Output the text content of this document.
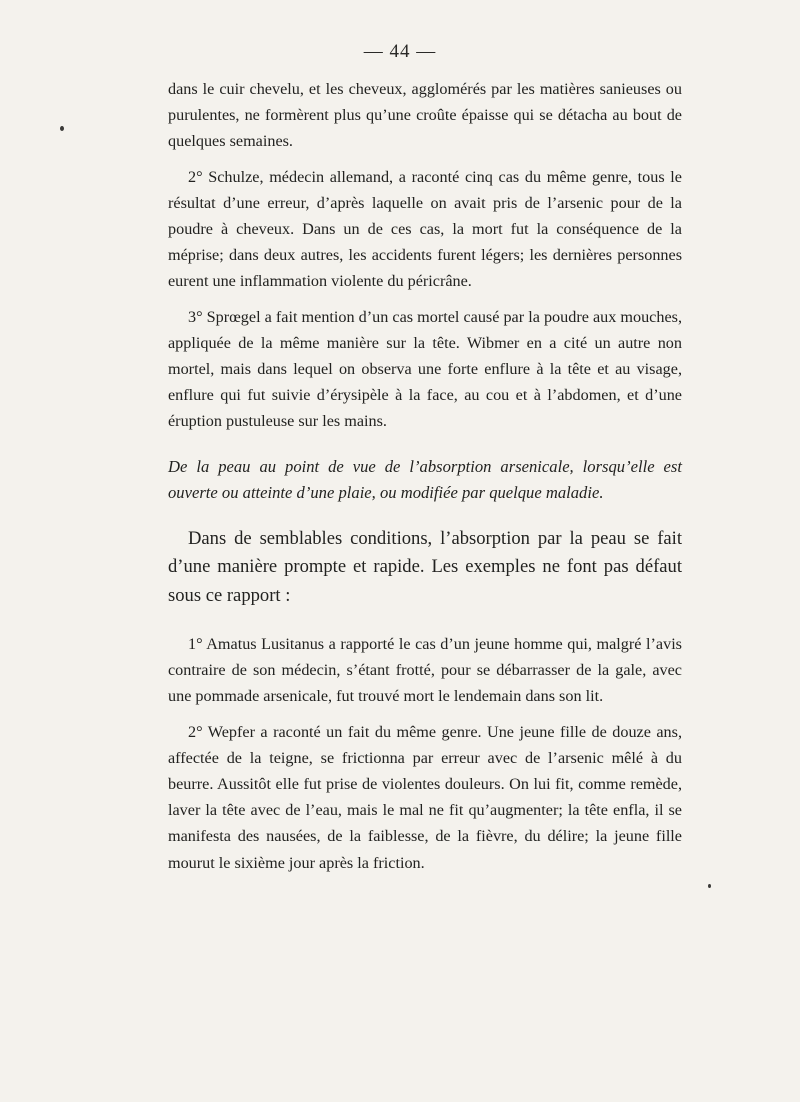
— 44 —

dans le cuir chevelu, et les cheveux, agglomérés par les matières sanieuses ou purulentes, ne formèrent plus qu’une croûte épaisse qui se détacha au bout de quelques semaines.

2° Schulze, médecin allemand, a raconté cinq cas du même genre, tous le résultat d’une erreur, d’après laquelle on avait pris de l’arsenic pour de la poudre à cheveux. Dans un de ces cas, la mort fut la conséquence de la méprise; dans deux autres, les accidents furent légers; les dernières personnes eurent une inflammation violente du péricrâne.

3° Sprœgel a fait mention d’un cas mortel causé par la poudre aux mouches, appliquée de la même manière sur la tête. Wibmer en a cité un autre non mortel, mais dans lequel on observa une forte enflure à la tête et au visage, enflure qui fut suivie d’érysipèle à la face, au cou et à l’abdomen, et d’une éruption pustuleuse sur les mains.

De la peau au point de vue de l’absorption arsenicale, lorsqu’elle est ouverte ou atteinte d’une plaie, ou modifiée par quelque maladie.

Dans de semblables conditions, l’absorption par la peau se fait d’une manière prompte et rapide. Les exemples ne font pas défaut sous ce rapport :

1° Amatus Lusitanus a rapporté le cas d’un jeune homme qui, malgré l’avis contraire de son médecin, s’étant frotté, pour se débarrasser de la gale, avec une pommade arsenicale, fut trouvé mort le lendemain dans son lit.

2° Wepfer a raconté un fait du même genre. Une jeune fille de douze ans, affectée de la teigne, se frictionna par erreur avec de l’arsenic mêlé à du beurre. Aussitôt elle fut prise de violentes douleurs. On lui fit, comme remède, laver la tête avec de l’eau, mais le mal ne fit qu’augmenter; la tête enfla, il se manifesta des nausées, de la faiblesse, de la fièvre, du délire; la jeune fille mourut le sixième jour après la friction.
